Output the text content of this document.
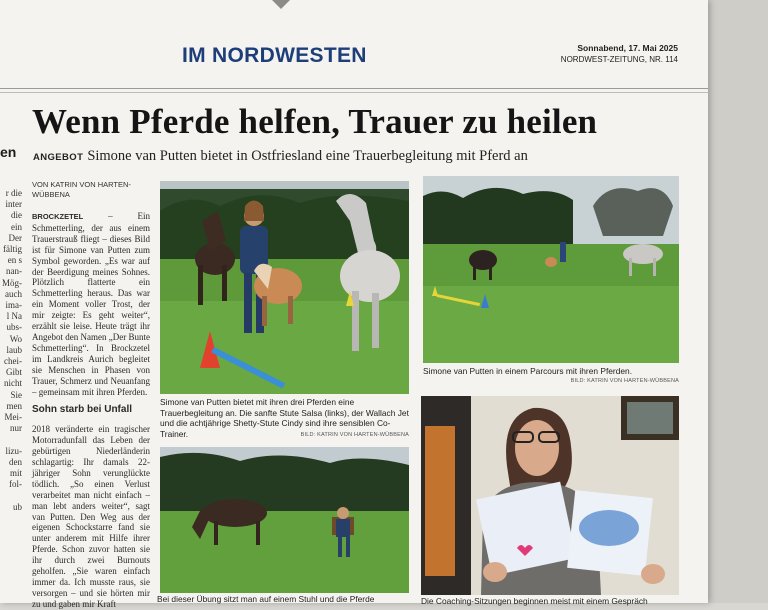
IM NORDWESTEN	Sonnabend, 17. Mai 2025
NORDWEST-ZEITUNG, NR. 114
Wenn Pferde helfen, Trauer zu heilen
en ANGEBOT Simone van Putten bietet in Ostfriesland eine Trauerbegleitung mit Pferd an
r die
inter
die
ein
Der
fältig
en s
nan-
Mög-
auch
ima-
l Na
ubs-
Wo
laub
chei-
Gibt
nicht
Sie
men
Mei-
nur

lizu-
den
mit
fol-

ub
VON KATRIN VON HARTEN-
WÜBBENA

BROCKZETEL – Ein Schmetterling, der aus einem Trauerstrauß fliegt – dieses Bild ist für Simone van Putten zum Symbol geworden. „Es war auf der Beerdigung meines Sohnes. Plötzlich flatterte ein Schmetterling heraus. Das war ein Moment voller Trost, der mir zeigte: Es geht weiter“, erzählt sie leise. Heute trägt ihr Angebot den Namen „Der Bunte Schmetterling“. In Brockzetel im Landkreis Aurich begleitet sie Menschen in Phasen von Trauer, Schmerz und Neuanfang – gemeinsam mit ihren Pferden.

Sohn starb bei Unfall

2018 veränderte ein tragischer Motorradunfall das Leben der gebürtigen Niederländerin schlagartig: Ihr damals 22-jähriger Sohn verunglückte tödlich. „So einen Verlust verarbeitet man nicht einfach – man lebt anders weiter“, sagt van Putten. Den Weg aus der eigenen Schockstarre fand sie unter anderem mit Hilfe ihrer Pferde. Schon zuvor hatten sie ihr durch zwei Burnouts geholfen. „Sie waren einfach immer da. Ich musste raus, sie versorgen – und sie hörten mir zu und gaben mir Kraft

Simone van Putten bietet mit ihren drei Pferden eine Trauerbegleitung an. Die sanfte Stute Salsa (links), der Wallach Jet und die achtjährige Shetty-Stute Cindy sind ihre sensiblen Co-Trainer.	BILD: KATRIN VON HARTEN-WÜBBENA
Simone van Putten in einem Parcours mit ihren Pferden.
BILD: KATRIN VON HARTEN-WÜBBENA
Bei dieser Übung sitzt man auf einem Stuhl und die Pferde	Die Coaching-Sitzungen beginnen meist mit einem Gespräch
